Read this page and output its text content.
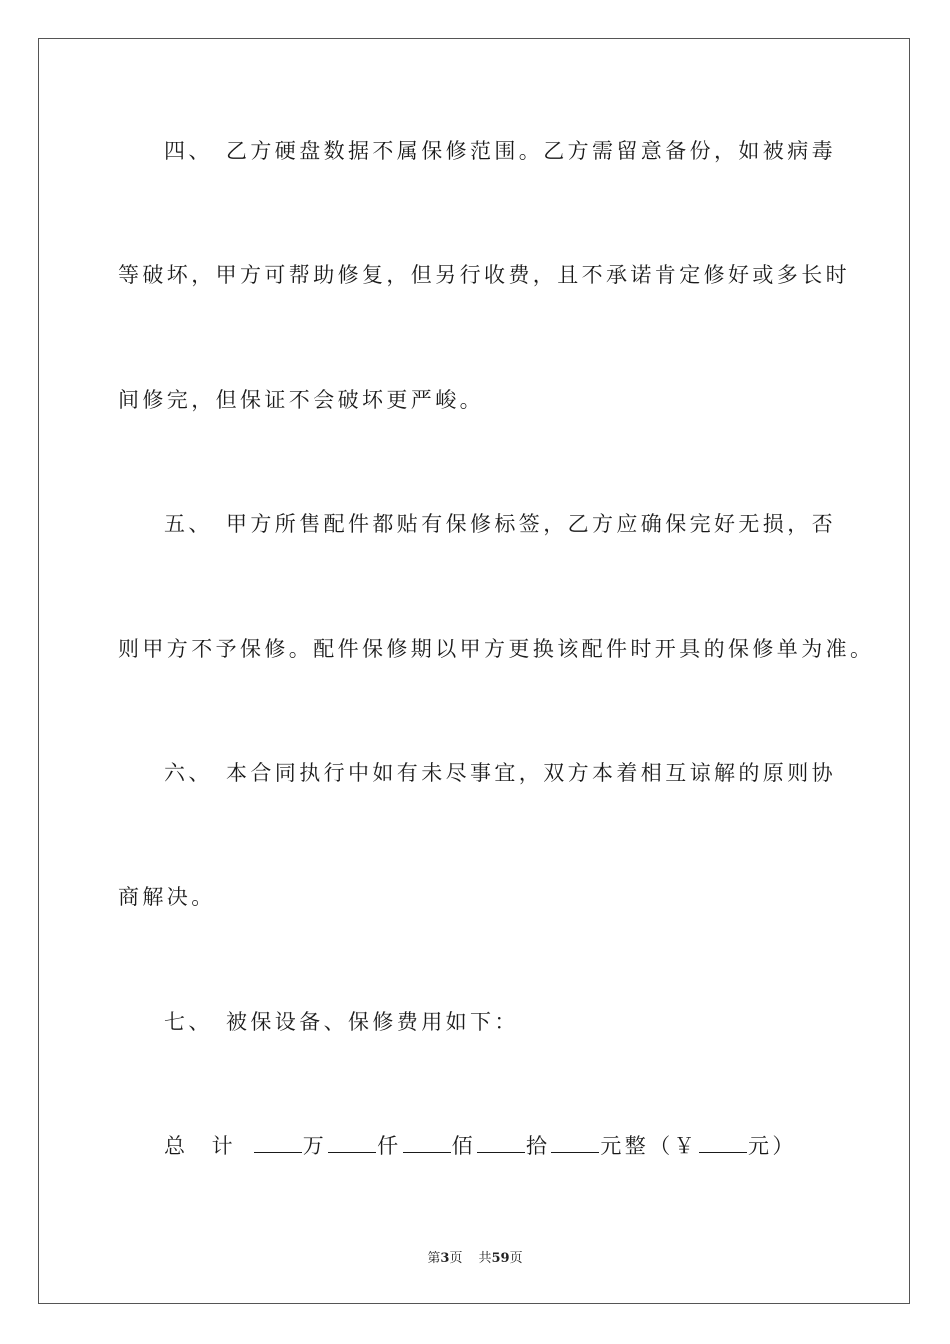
四、 乙方硬盘数据不属保修范围。乙方需留意备份，如被病毒
等破坏，甲方可帮助修复，但另行收费，且不承诺肯定修好或多长时
间修完，但保证不会破坏更严峻。
五、 甲方所售配件都贴有保修标签，乙方应确保完好无损，否
则甲方不予保修。配件保修期以甲方更换该配件时开具的保修单为准。
六、 本合同执行中如有未尽事宜，双方本着相互谅解的原则协
商解决。
七、 被保设备、保修费用如下：
总 计	万 仟 佰 拾 元整（￥ 元）
第3页 共59页
